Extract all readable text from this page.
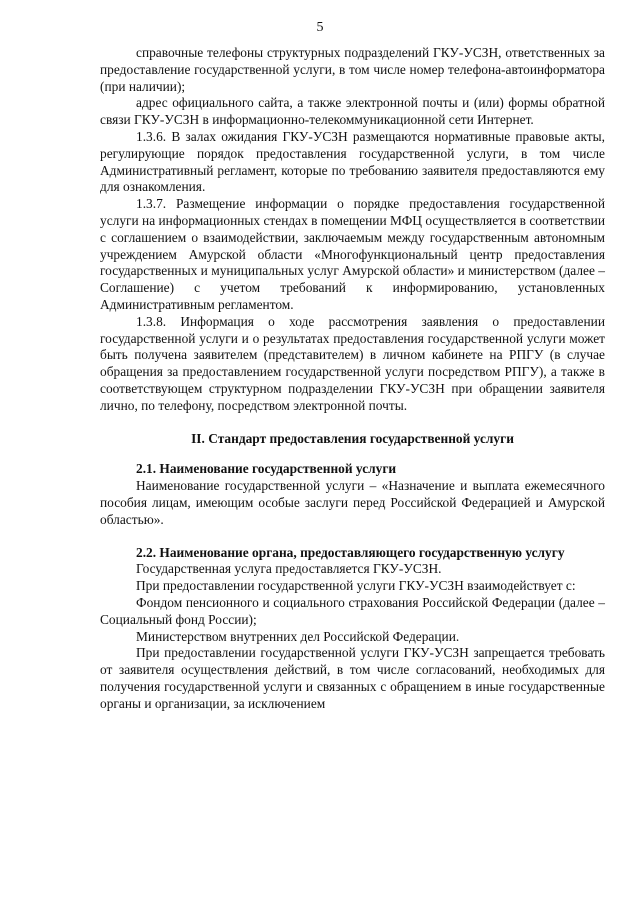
5

справочные телефоны структурных подразделений ГКУ-УСЗН, ответственных за предоставление государственной услуги, в том числе номер телефона-автоинформатора (при наличии);

адрес официального сайта, а также электронной почты и (или) формы обратной связи ГКУ-УСЗН в информационно-телекоммуникационной сети Интернет.

1.3.6. В залах ожидания ГКУ-УСЗН размещаются нормативные правовые акты, регулирующие порядок предоставления государственной услуги, в том числе Административный регламент, которые по требованию заявителя предоставляются ему для ознакомления.

1.3.7. Размещение информации о порядке предоставления государственной услуги на информационных стендах в помещении МФЦ осуществляется в соответствии с соглашением о взаимодействии, заключаемым между государственным автономным учреждением Амурской области «Многофункциональный центр предоставления государственных и муниципальных услуг Амурской области» и министерством (далее – Соглашение) с учетом требований к информированию, установленных Административным регламентом.

1.3.8. Информация о ходе рассмотрения заявления о предоставлении государственной услуги и о результатах предоставления государственной услуги может быть получена заявителем (представителем) в личном кабинете на РПГУ (в случае обращения за предоставлением государственной услуги посредством РПГУ), а также в соответствующем структурном подразделении ГКУ-УСЗН при обращении заявителя лично, по телефону, посредством электронной почты.

II. Стандарт предоставления государственной услуги

2.1. Наименование государственной услуги

Наименование государственной услуги – «Назначение и выплата ежемесячного пособия лицам, имеющим особые заслуги перед Российской Федерацией и Амурской областью».

2.2. Наименование органа, предоставляющего государственную услугу

Государственная услуга предоставляется ГКУ-УСЗН.

При предоставлении государственной услуги ГКУ-УСЗН взаимодействует с:

Фондом пенсионного и социального страхования Российской Федерации (далее – Социальный фонд России);

Министерством внутренних дел Российской Федерации.

При предоставлении государственной услуги ГКУ-УСЗН запрещается требовать от заявителя осуществления действий, в том числе согласований, необходимых для получения государственной услуги и связанных с обращением в иные государственные органы и организации, за исключением
